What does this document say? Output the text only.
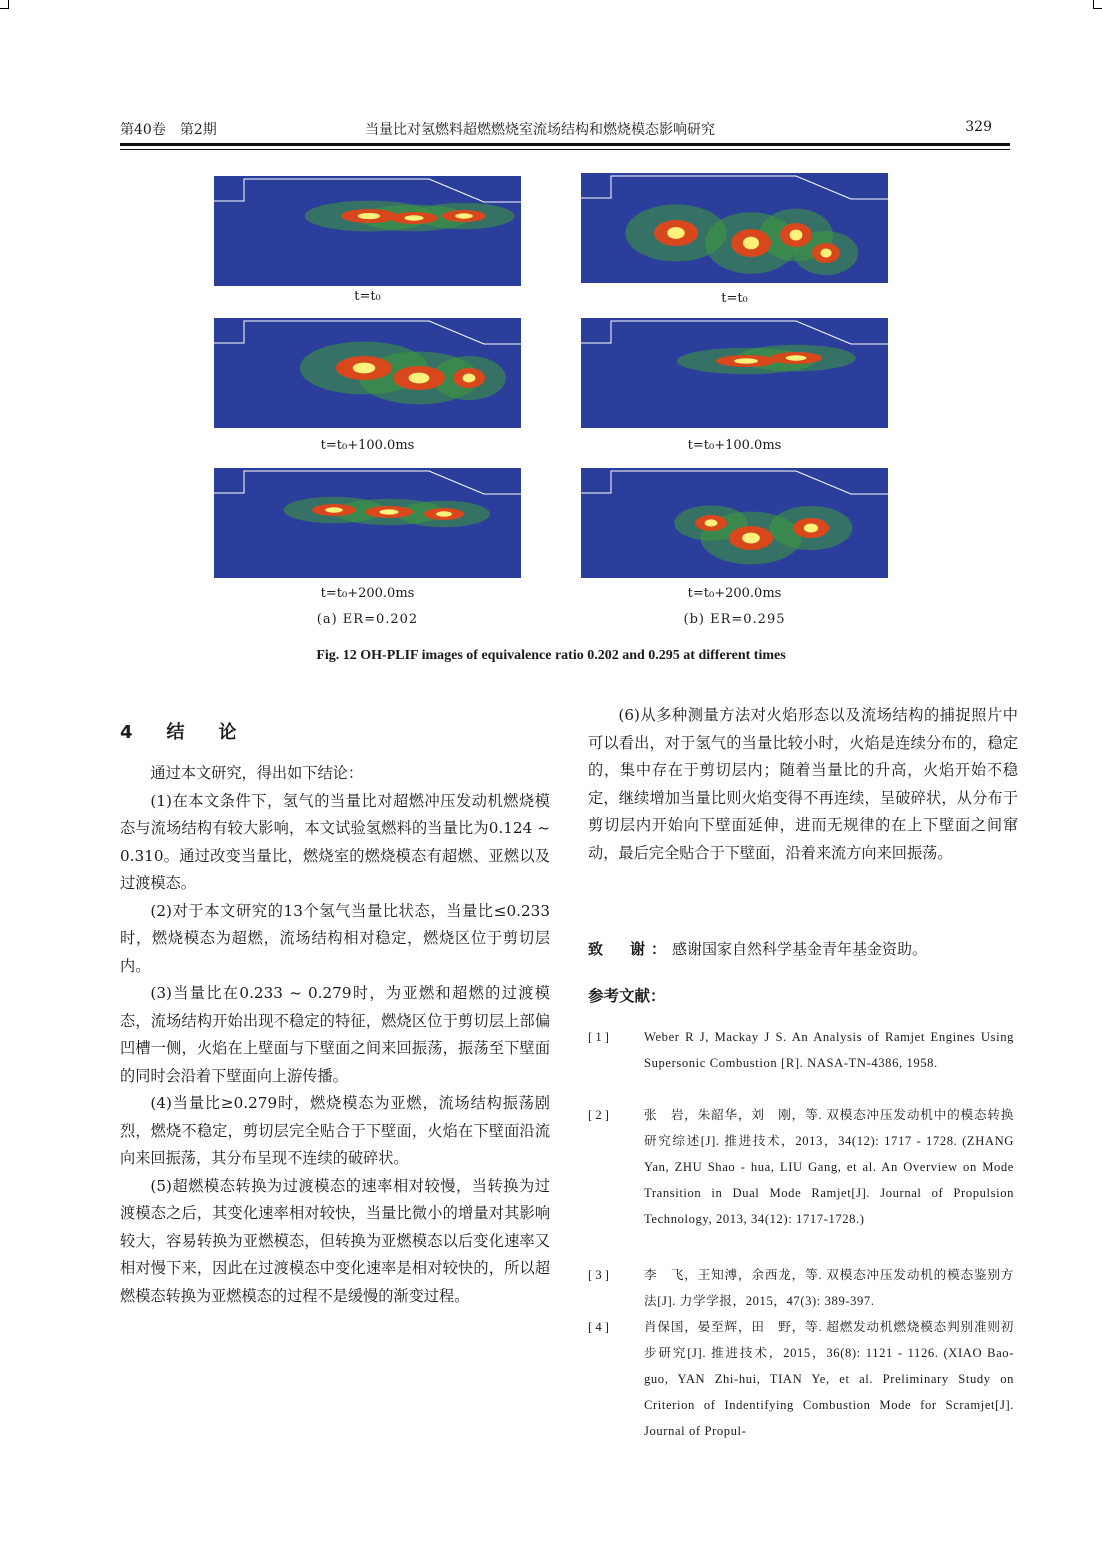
第40卷　第2期	当量比对氢燃料超燃燃烧室流场结构和燃烧模态影响研究	329
t=t₀	t=t₀
t=t₀+100.0ms	t=t₀+100.0ms
t=t₀+200.0ms	t=t₀+200.0ms
(a) ER=0.202	(b) ER=0.295
Fig. 12 OH-PLIF images of equivalence ratio 0.202 and 0.295 at different times
4　结　论

通过本文研究，得出如下结论：

(1)在本文条件下，氢气的当量比对超燃冲压发动机燃烧模态与流场结构有较大影响，本文试验氢燃料的当量比为0.124 ~ 0.310。通过改变当量比，燃烧室的燃烧模态有超燃、亚燃以及过渡模态。

(2)对于本文研究的13个氢气当量比状态，当量比≤0.233时，燃烧模态为超燃，流场结构相对稳定，燃烧区位于剪切层内。

(3)当量比在0.233 ~ 0.279时，为亚燃和超燃的过渡模态，流场结构开始出现不稳定的特征，燃烧区位于剪切层上部偏凹槽一侧，火焰在上壁面与下壁面之间来回振荡，振荡至下壁面的同时会沿着下壁面向上游传播。

(4)当量比≥0.279时，燃烧模态为亚燃，流场结构振荡剧烈，燃烧不稳定，剪切层完全贴合于下壁面，火焰在下壁面沿流向来回振荡，其分布呈现不连续的破碎状。

(5)超燃模态转换为过渡模态的速率相对较慢，当转换为过渡模态之后，其变化速率相对较快，当量比微小的增量对其影响较大，容易转换为亚燃模态，但转换为亚燃模态以后变化速率又相对慢下来，因此在过渡模态中变化速率是相对较快的，所以超燃模态转换为亚燃模态的过程不是缓慢的渐变过程。

(6)从多种测量方法对火焰形态以及流场结构的捕捉照片中可以看出，对于氢气的当量比较小时，火焰是连续分布的，稳定的，集中存在于剪切层内；随着当量比的升高，火焰开始不稳定，继续增加当量比则火焰变得不再连续，呈破碎状，从分布于剪切层内开始向下壁面延伸，进而无规律的在上下壁面之间窜动，最后完全贴合于下壁面，沿着来流方向来回振荡。

致　谢：感谢国家自然科学基金青年基金资助。
参考文献：
[ 1 ]	Weber R J, Mackay J S. An Analysis of Ramjet Engines Using Supersonic Combustion [R]. NASA-TN-4386, 1958.
[ 2 ]	张　岩，朱韶华，刘　刚，等. 双模态冲压发动机中的模态转换研究综述[J]. 推进技术，2013，34(12): 1717 - 1728. (ZHANG Yan, ZHU Shao - hua, LIU Gang, et al. An Overview on Mode Transition in Dual Mode Ramjet[J]. Journal of Propulsion Technology, 2013, 34(12): 1717-1728.)
[ 3 ]	李　飞，王知溥，余西龙，等. 双模态冲压发动机的模态鉴别方法[J]. 力学学报，2015，47(3): 389-397.
[ 4 ]	肖保国，晏至辉，田　野，等. 超燃发动机燃烧模态判别准则初步研究[J]. 推进技术，2015，36(8): 1121 - 1126. (XIAO Bao-guo, YAN Zhi-hui, TIAN Ye, et al. Preliminary Study on Criterion of Indentifying Combustion Mode for Scramjet[J]. Journal of Propul-
